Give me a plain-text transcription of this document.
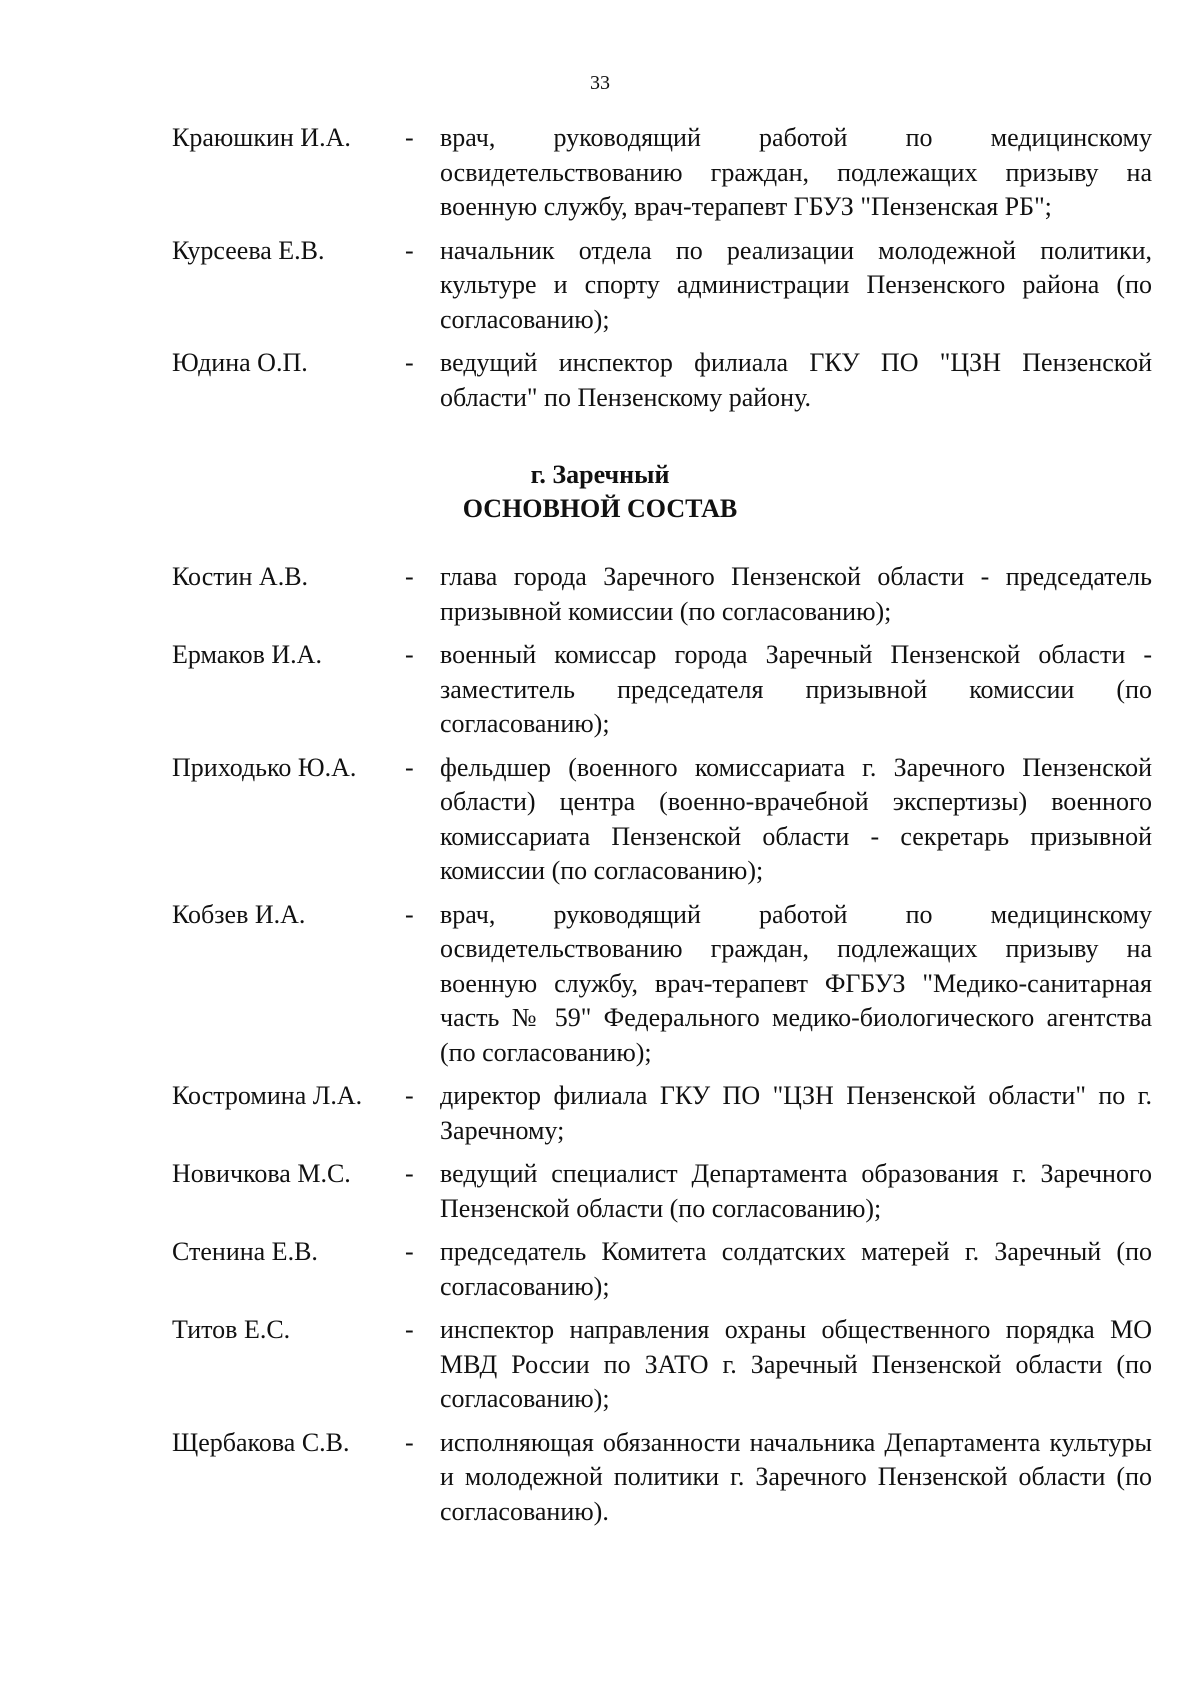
33
Краюшкин И.А. - врач, руководящий работой по медицинскому освидетельствованию граждан, подлежащих призыву на военную службу, врач-терапевт ГБУЗ "Пензенская РБ";
Курсеева Е.В.	- начальник отдела по реализации молодежной политики, культуре и спорту администрации Пензенского района (по согласованию);
Юдина О.П.	- ведущий инспектор филиала ГКУ ПО "ЦЗН Пензенской области" по Пензенскому району.
г. Заречный
ОСНОВНОЙ СОСТАВ
Костин А.В.	- глава города Заречного Пензенской области - председатель призывной комиссии (по согласованию);
Ермаков И.А.	- военный комиссар города Заречный Пензенской области - заместитель председателя призывной комиссии (по согласованию);
Приходько Ю.А. - фельдшер (военного комиссариата г. Заречного Пензенской области) центра (военно-врачебной экспертизы) военного комиссариата Пензенской области - секретарь призывной комиссии (по согласованию);
Кобзев И.А.	- врач, руководящий работой по медицинскому освидетельствованию граждан, подлежащих призыву на военную службу, врач-терапевт ФГБУЗ "Медико-санитарная часть № 59" Федерального медико-биологического агентства (по согласованию);
Костромина Л.А. - директор филиала ГКУ ПО "ЦЗН Пензенской области" по г. Заречному;
Новичкова М.С. - ведущий специалист Департамента образования г. Заречного Пензенской области (по согласованию);
Стенина Е.В.	- председатель Комитета солдатских матерей г. Заречный (по согласованию);
Титов Е.С.	- инспектор направления охраны общественного порядка МО МВД России по ЗАТО г. Заречный Пензенской области (по согласованию);
Щербакова С.В. - исполняющая обязанности начальника Департамента культуры и молодежной политики г. Заречного Пензенской области (по согласованию).
